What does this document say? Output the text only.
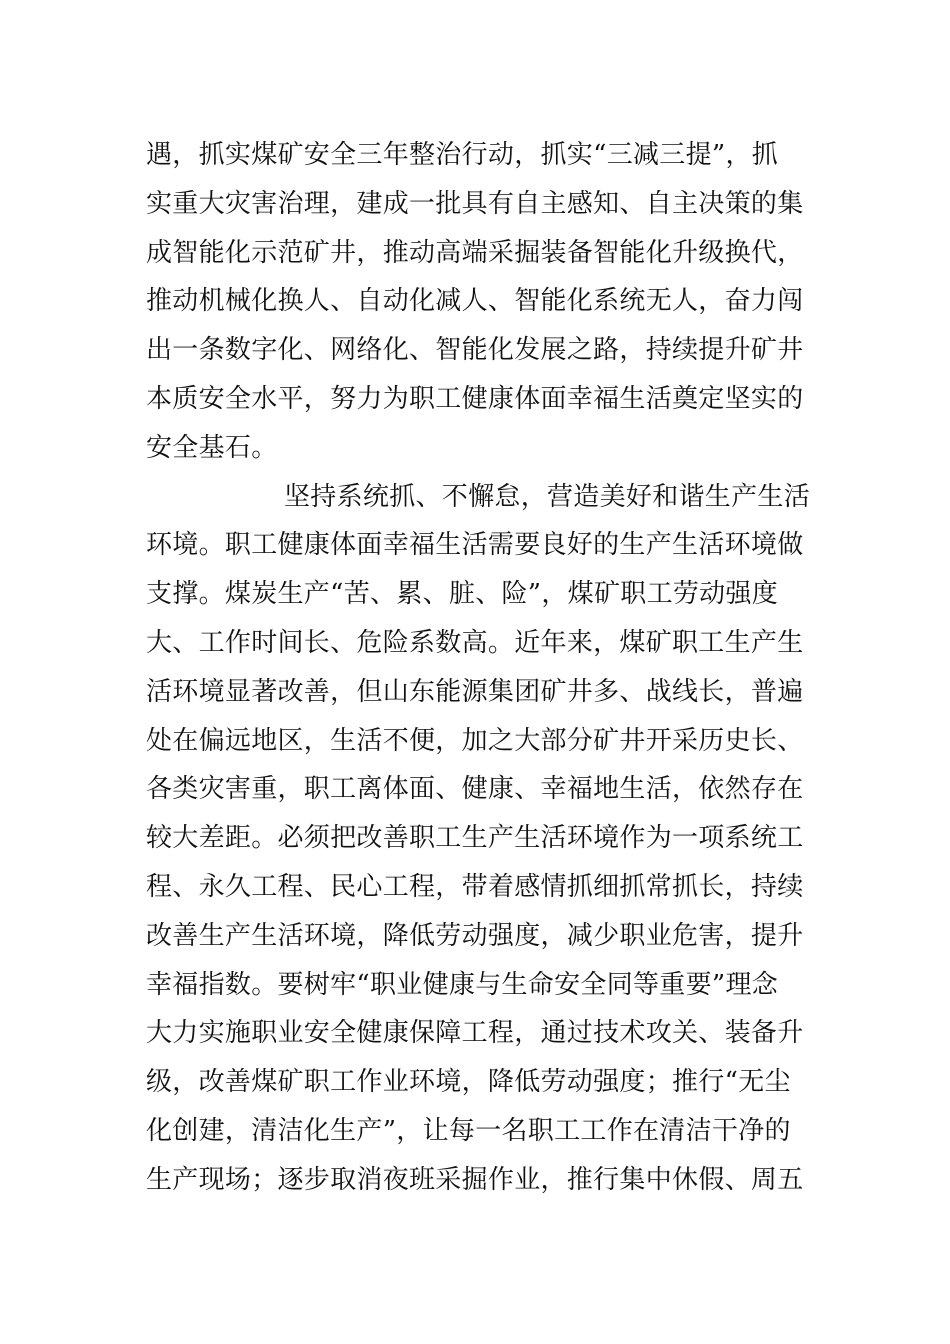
遇，抓实煤矿安全三年整治行动，抓实“三减三提”，抓
实重大灾害治理，建成一批具有自主感知、自主决策的集
成智能化示范矿井，推动高端采掘装备智能化升级换代，
推动机械化换人、自动化减人、智能化系统无人，奋力闯
出一条数字化、网络化、智能化发展之路，持续提升矿井
本质安全水平，努力为职工健康体面幸福生活奠定坚实的
安全基石。
坚持系统抓、不懈怠，营造美好和谐生产生活
环境。职工健康体面幸福生活需要良好的生产生活环境做
支撑。煤炭生产“苦、累、脏、险”，煤矿职工劳动强度
大、工作时间长、危险系数高。近年来，煤矿职工生产生
活环境显著改善，但山东能源集团矿井多、战线长，普遍
处在偏远地区，生活不便，加之大部分矿井开采历史长、
各类灾害重，职工离体面、健康、幸福地生活，依然存在
较大差距。必须把改善职工生产生活环境作为一项系统工
程、永久工程、民心工程，带着感情抓细抓常抓长，持续
改善生产生活环境，降低劳动强度，减少职业危害，提升
幸福指数。要树牢“职业健康与生命安全同等重要”理念
大力实施职业安全健康保障工程，通过技术攻关、装备升
级，改善煤矿职工作业环境，降低劳动强度；推行“无尘
化创建，清洁化生产”，让每一名职工工作在清洁干净的
生产现场；逐步取消夜班采掘作业，推行集中休假、周五
